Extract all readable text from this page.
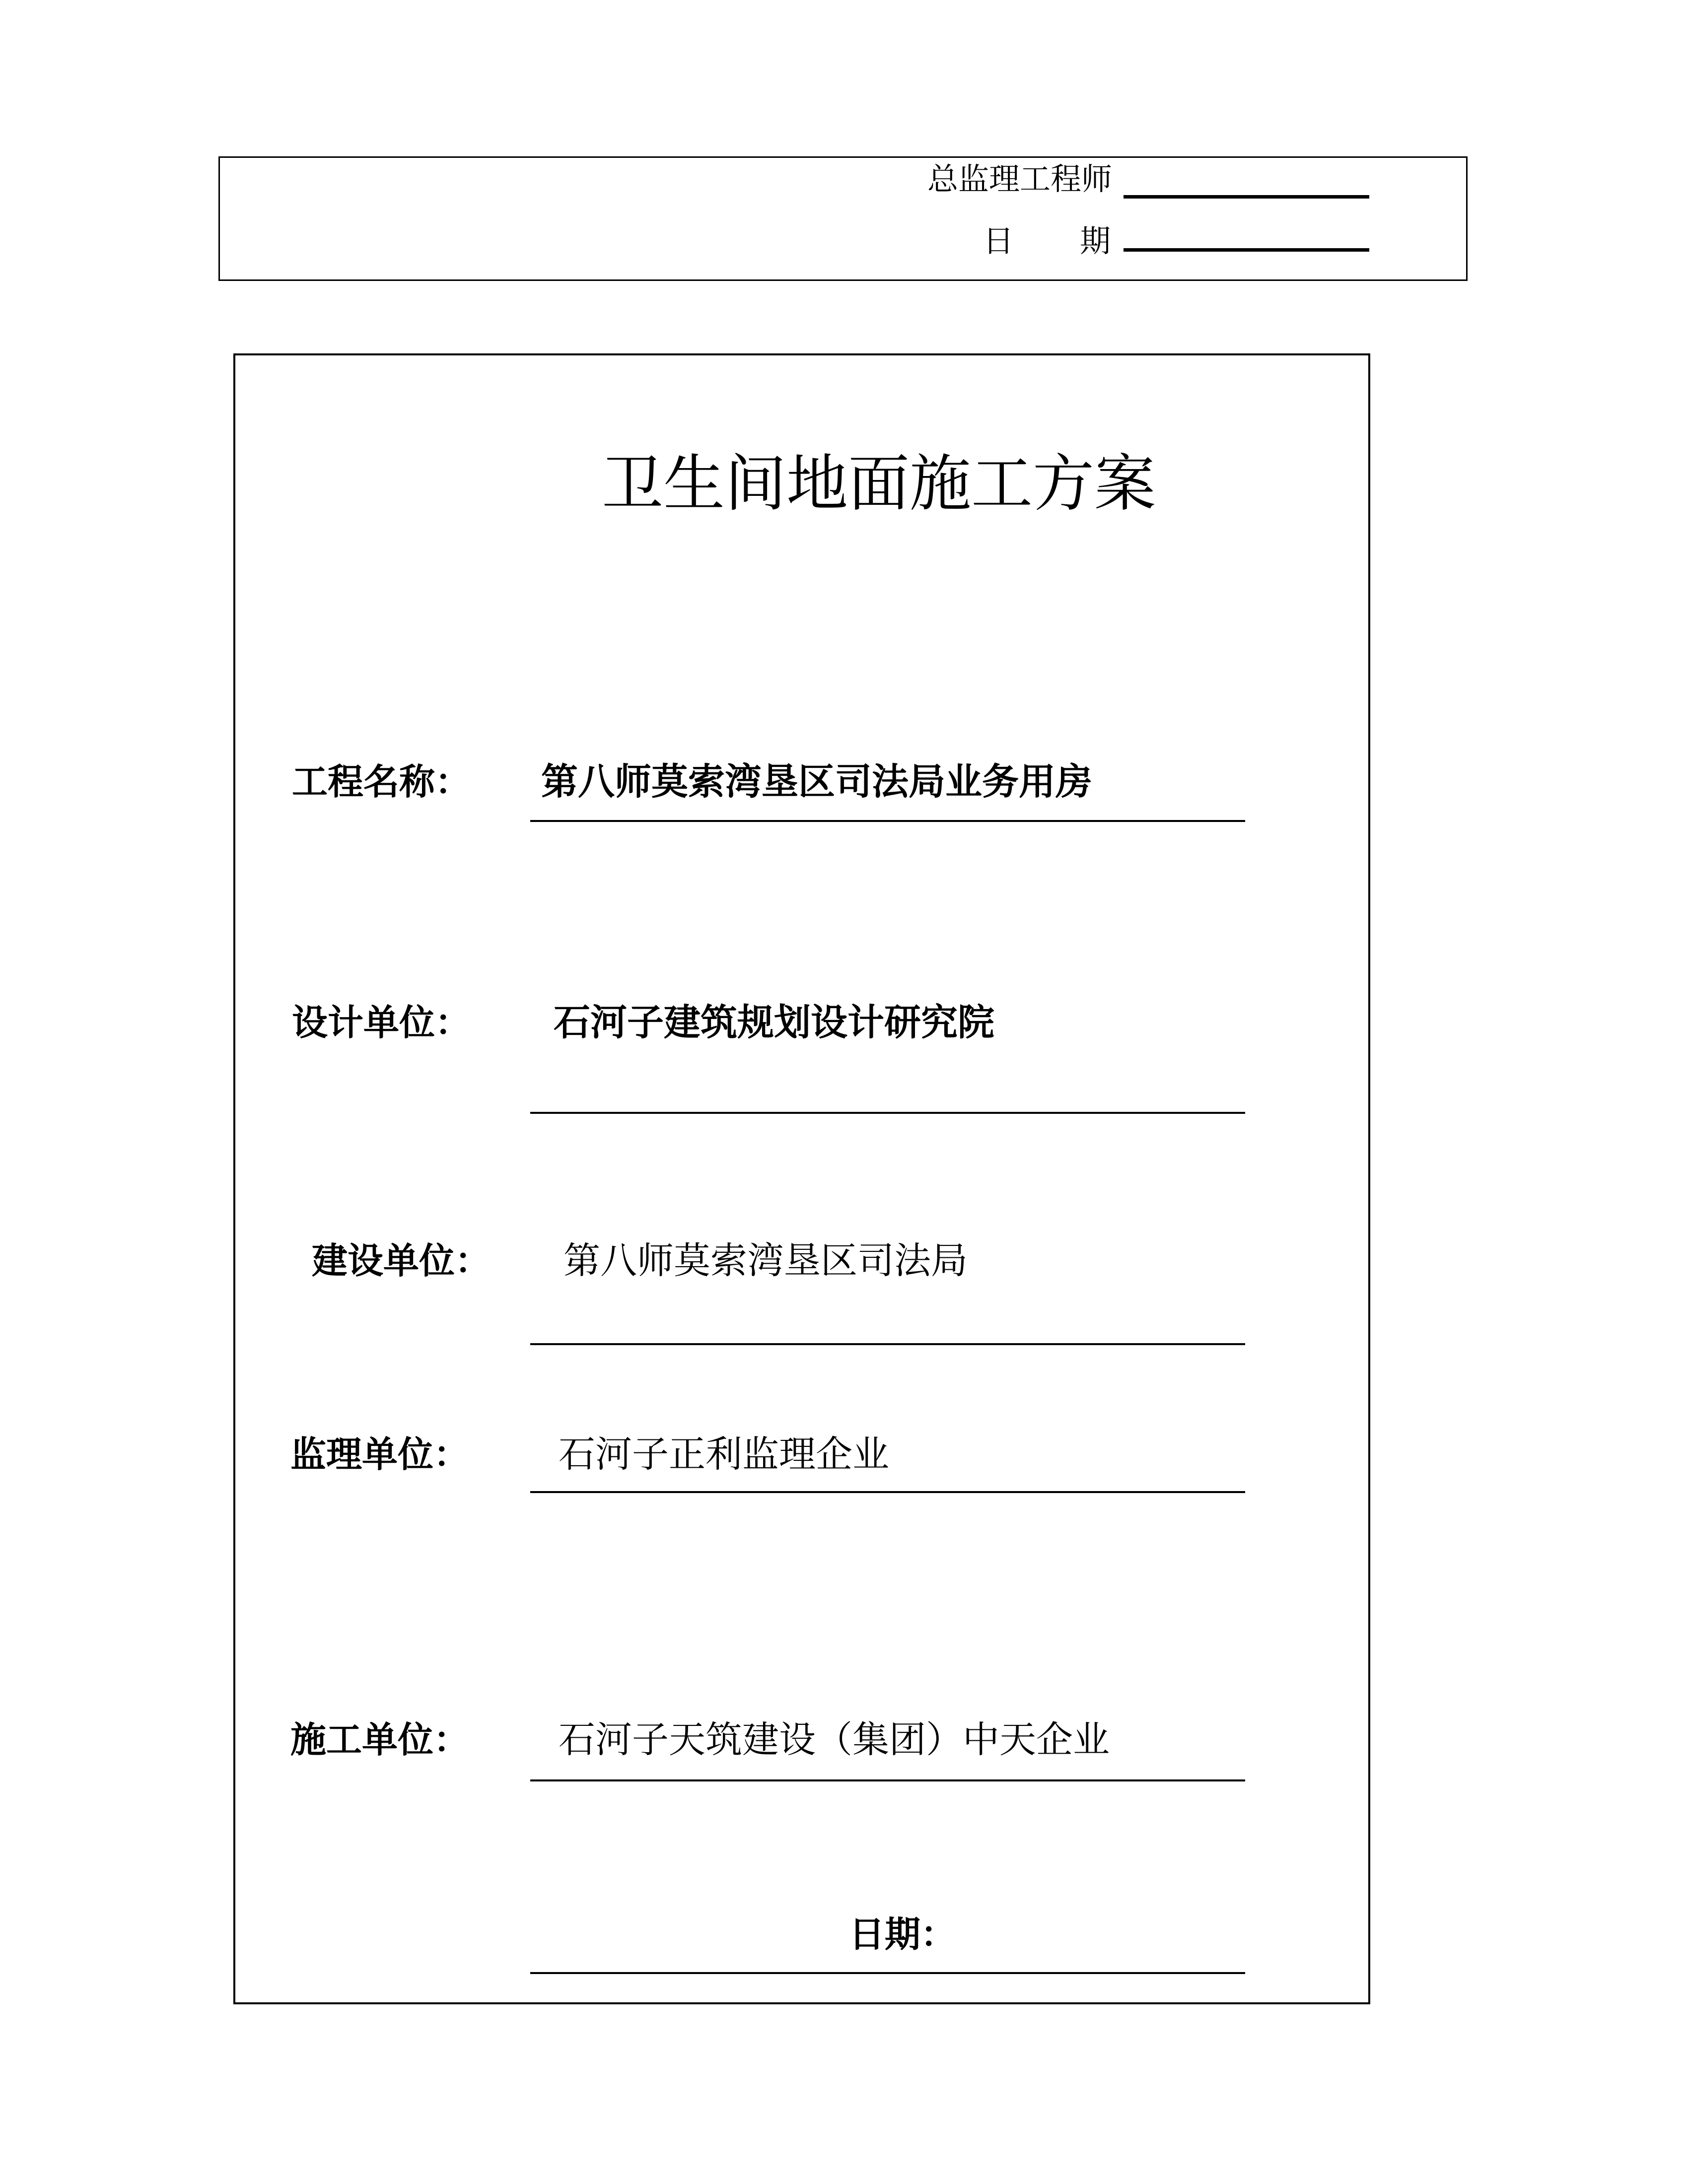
总监理工程师
日 期
卫生间地面施工方案
工程名称： 第八师莫索湾垦区司法局业务用房
设计单位： 石河子建筑规划设计研究院
建设单位： 第八师莫索湾垦区司法局
监理单位： 石河子正利监理企业
施工单位： 石河子天筑建设（集团）中天企业
日期：
